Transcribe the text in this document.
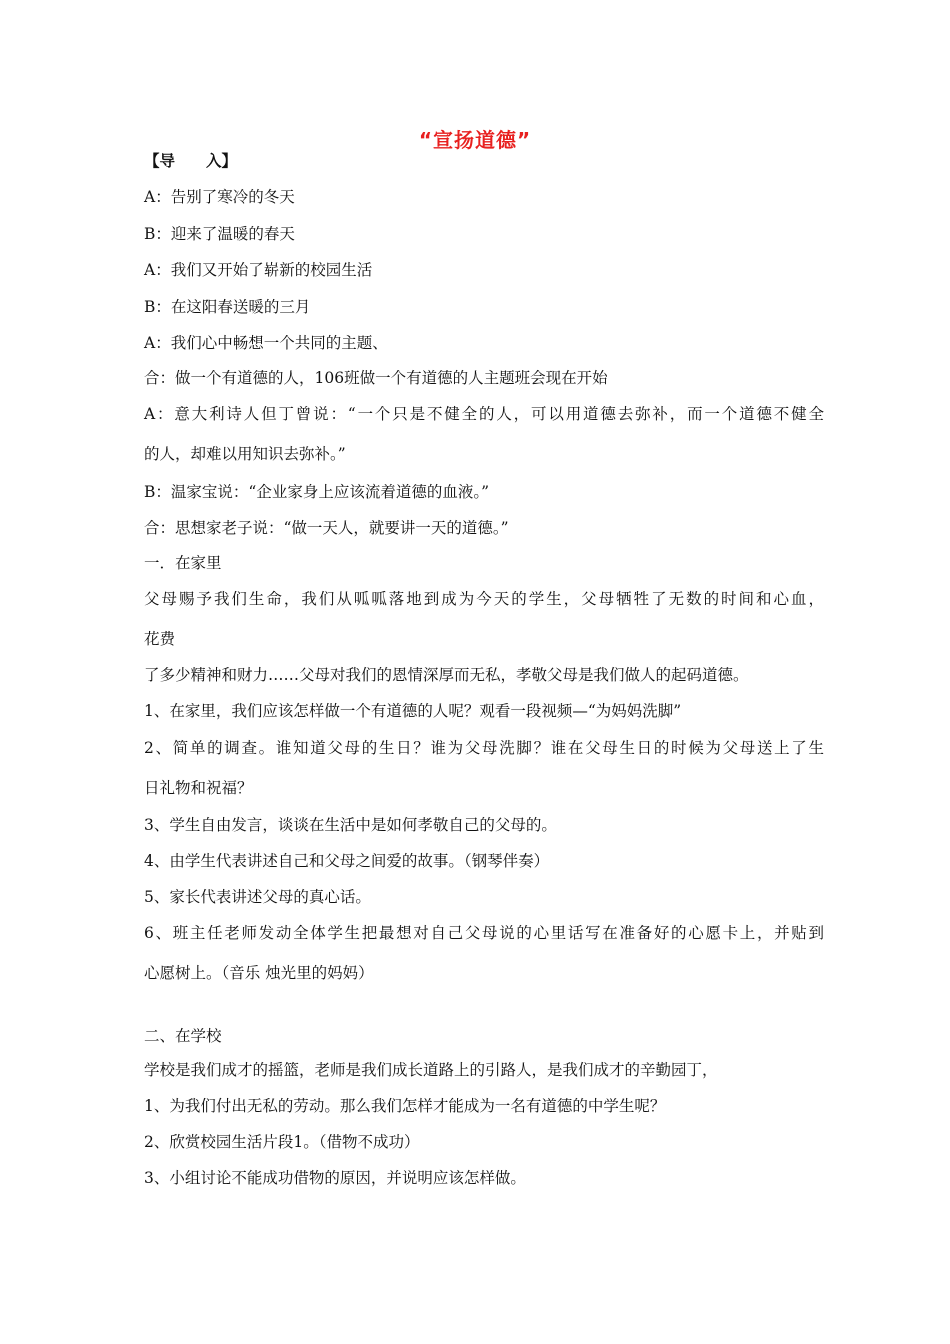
“宣扬道德”
【导　　入】
A：告别了寒冷的冬天
B：迎来了温暖的春天
A：我们又开始了崭新的校园生活
B：在这阳春送暖的三月
A：我们心中畅想一个共同的主题、
合：做一个有道德的人，106班做一个有道德的人主题班会现在开始
A：意大利诗人但丁曾说：“一个只是不健全的人，可以用道德去弥补，而一个道德不健全
的人，却难以用知识去弥补。”
B：温家宝说：“企业家身上应该流着道德的血液。”
合：思想家老子说：“做一天人，就要讲一天的道德。”
一．在家里
父母赐予我们生命，我们从呱呱落地到成为今天的学生，父母牺牲了无数的时间和心血，
花费
了多少精神和财力……父母对我们的恩情深厚而无私，孝敬父母是我们做人的起码道德。
1、在家里，我们应该怎样做一个有道德的人呢？观看一段视频—“为妈妈洗脚”
2、简单的调查。谁知道父母的生日？谁为父母洗脚？谁在父母生日的时候为父母送上了生
日礼物和祝福？
3、学生自由发言，谈谈在生活中是如何孝敬自己的父母的。
4、由学生代表讲述自己和父母之间爱的故事。（钢琴伴奏）
5、家长代表讲述父母的真心话。
6、班主任老师发动全体学生把最想对自己父母说的心里话写在准备好的心愿卡上，并贴到
心愿树上。（音乐 烛光里的妈妈）
二、在学校
学校是我们成才的摇篮，老师是我们成长道路上的引路人，是我们成才的辛勤园丁，
1、为我们付出无私的劳动。那么我们怎样才能成为一名有道德的中学生呢？
2、欣赏校园生活片段1。（借物不成功）
3、小组讨论不能成功借物的原因，并说明应该怎样做。
